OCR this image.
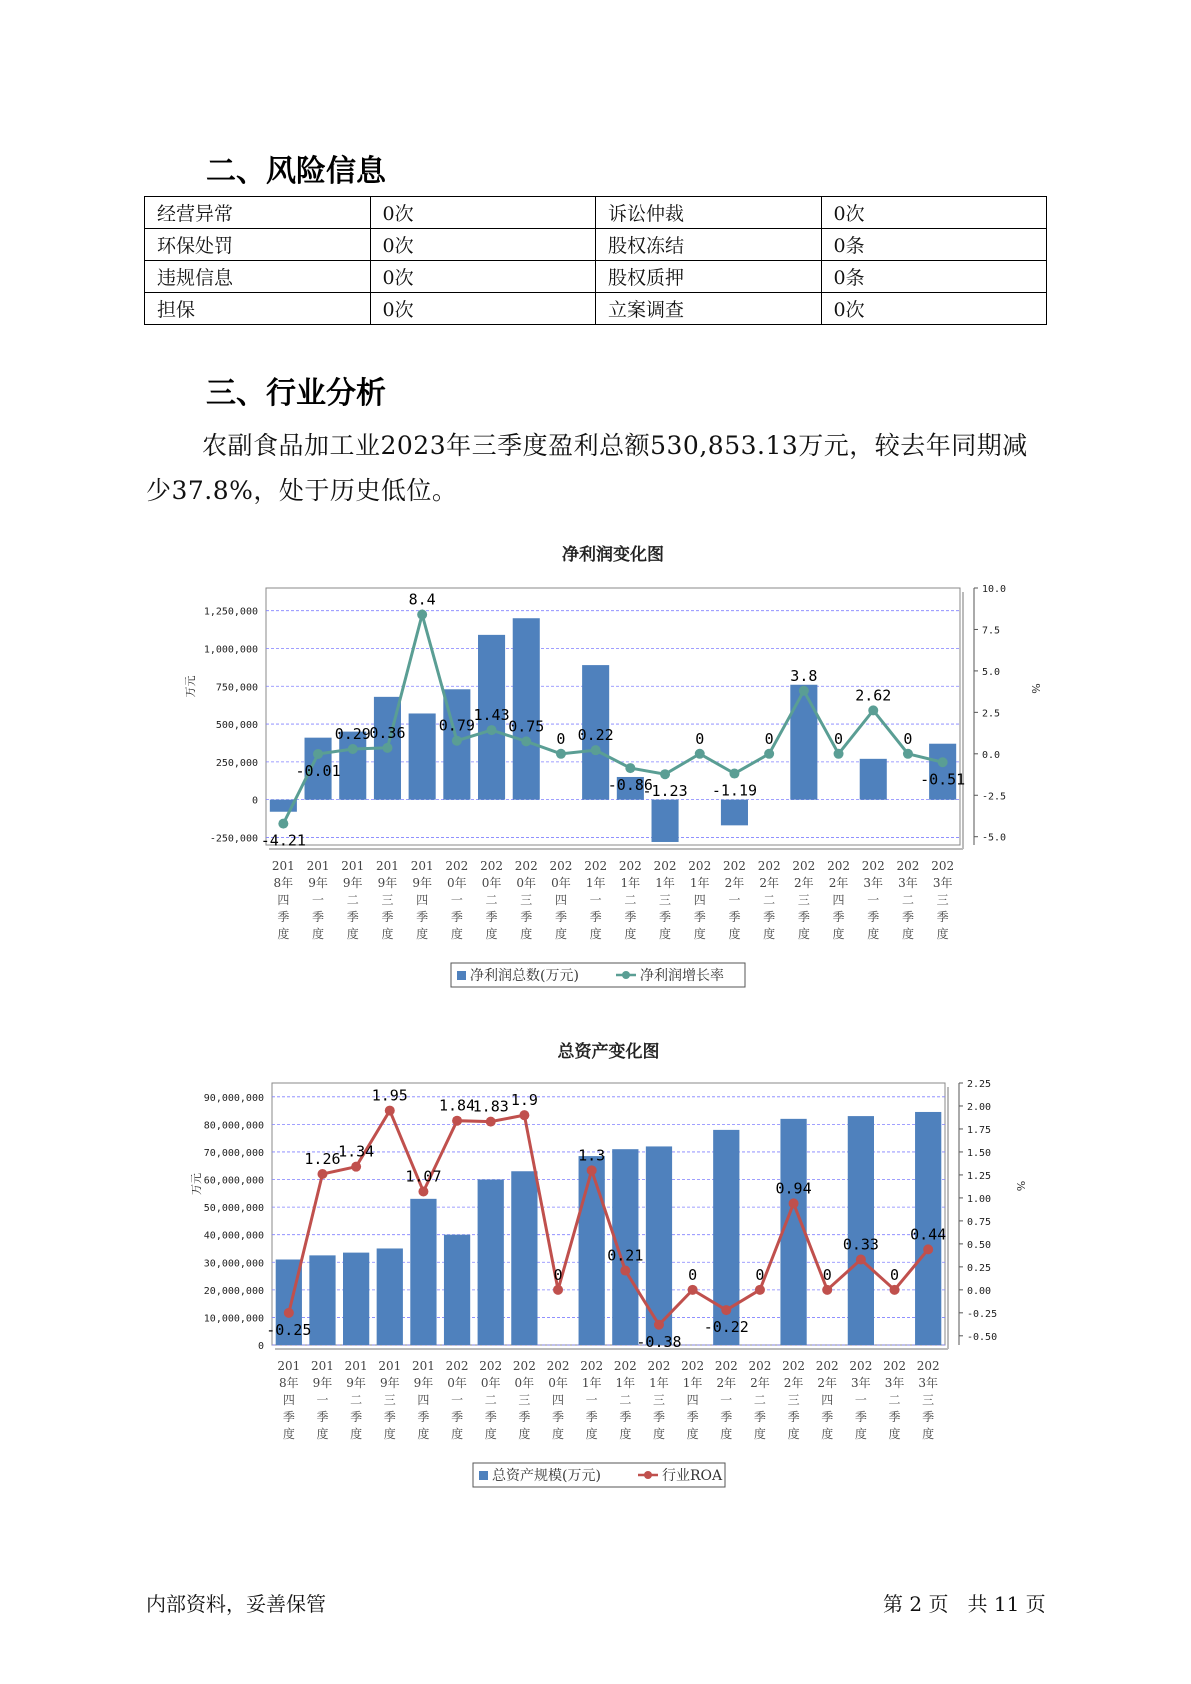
二、风险信息
经营异常	0次	诉讼仲裁	0次
环保处罚	0次	股权冻结	0条
违规信息	0次	股权质押	0条
担保	0次	立案调查	0次
三、行业分析
农副食品加工业2023年三季度盈利总额530,853.13万元，较去年同期减少37.8%，处于历史低位。
净利润变化图
-250,000
0
250,000
500,000
750,000
1,000,000
1,250,000
-5.0
-2.5
0.0
2.5
5.0
7.5
10.0
万元	%
-4.21
-0.01
0.29
0.36
8.4
0.79
1.43
0.75
0 0.22
-0.86
-1.23
0
-1.19
0
3.8
0
2.62
0
-0.51
201 8年四季度
201 9年一季度
201 9年二季度
201 9年三季度
201 9年四季度
202 0年一季度
202 0年二季度
202 0年三季度
202 0年四季度
202 1年一季度
202 1年二季度
202 1年三季度
202 1年四季度
202 2年一季度
202 2年二季度
202 2年三季度
202 2年四季度
202 3年一季度
202 3年二季度
202 3年三季度
净利润总数(万元)	净利润增长率
总资产变化图
0
10,000,000
20,000,000
30,000,000
40,000,000
50,000,000
60,000,000
70,000,000
80,000,000
90,000,000
-0.50
-0.25
0.00
0.25
0.50
0.75
1.00
1.25
1.50
1.75
2.00
2.25
万元	%
-0.25
1.26
1.34
1.95
1.07
1.84
1.83 1.9
0
1.3
0.21
-0.38
0
-0.22
0
0.94
0
0.33
0
0.44
201 8年四季度
201 9年一季度
201 9年二季度
201 9年三季度
201 9年四季度
202 0年一季度
202 0年二季度
202 0年三季度
202 0年四季度
202 1年一季度
202 1年二季度
202 1年三季度
202 1年四季度
202 2年一季度
202 2年二季度
202 2年三季度
202 2年四季度
202 3年一季度
202 3年二季度
202 3年三季度
总资产规模(万元)	行业ROA
内部资料，妥善保管	第 2 页   共 11 页
